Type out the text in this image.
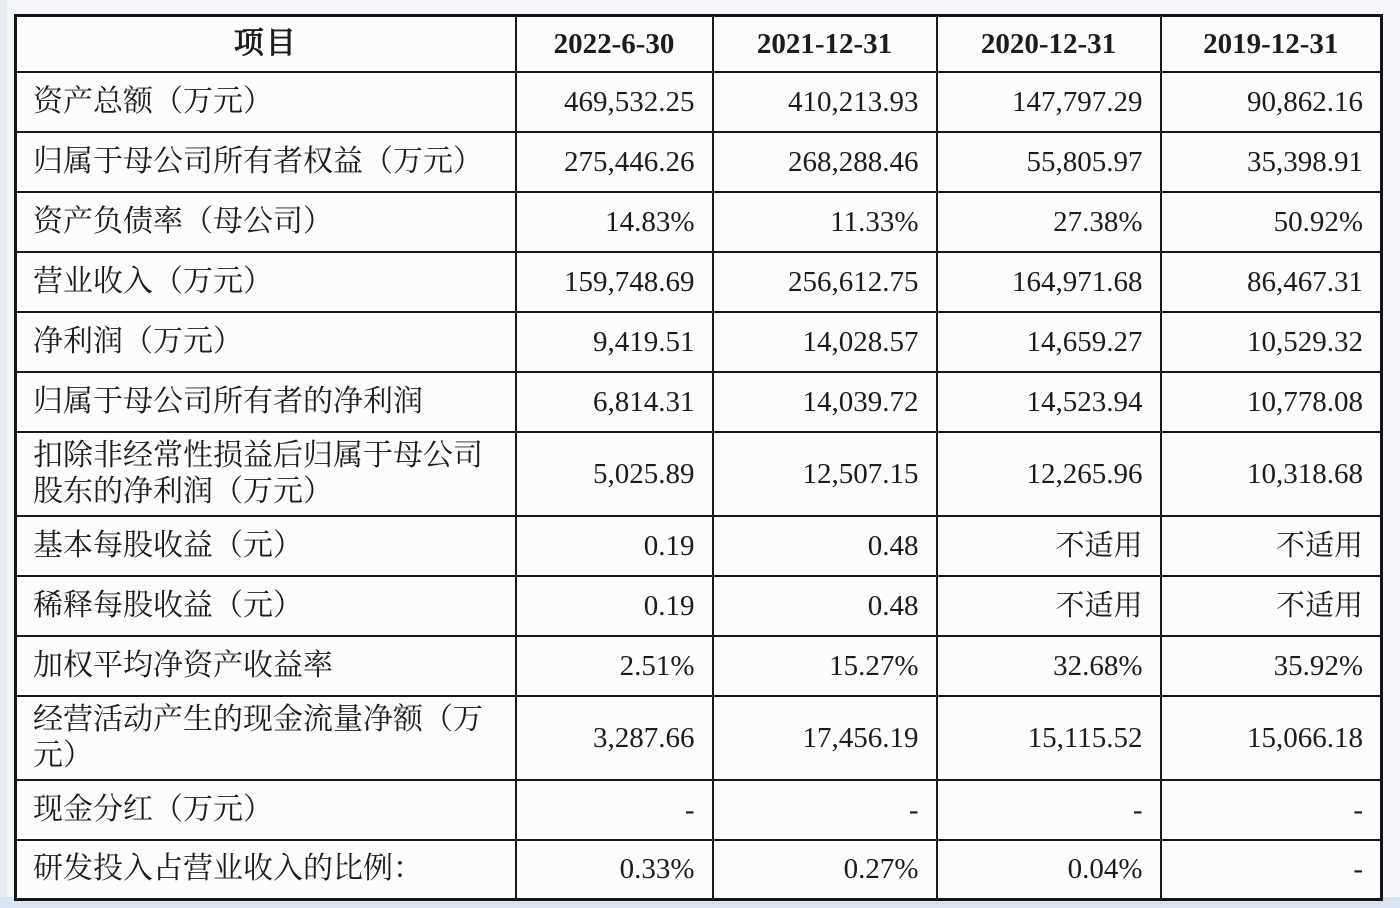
项目	2022-6-30	2021-12-31	2020-12-31	2019-12-31
资产总额（万元）	469,532.25	410,213.93	147,797.29	90,862.16
归属于母公司所有者权益（万元）	275,446.26	268,288.46	55,805.97	35,398.91
资产负债率（母公司）	14.83%	11.33%	27.38%	50.92%
营业收入（万元）	159,748.69	256,612.75	164,971.68	86,467.31
净利润（万元）	9,419.51	14,028.57	14,659.27	10,529.32
归属于母公司所有者的净利润	6,814.31	14,039.72	14,523.94	10,778.08
扣除非经常性损益后归属于母公司股东的净利润（万元）	5,025.89	12,507.15	12,265.96	10,318.68
基本每股收益（元）	0.19	0.48	不适用	不适用
稀释每股收益（元）	0.19	0.48	不适用	不适用
加权平均净资产收益率	2.51%	15.27%	32.68%	35.92%
经营活动产生的现金流量净额（万元）	3,287.66	17,456.19	15,115.52	15,066.18
现金分红（万元）	-	-	-	-
研发投入占营业收入的比例：	0.33%	0.27%	0.04%	-
